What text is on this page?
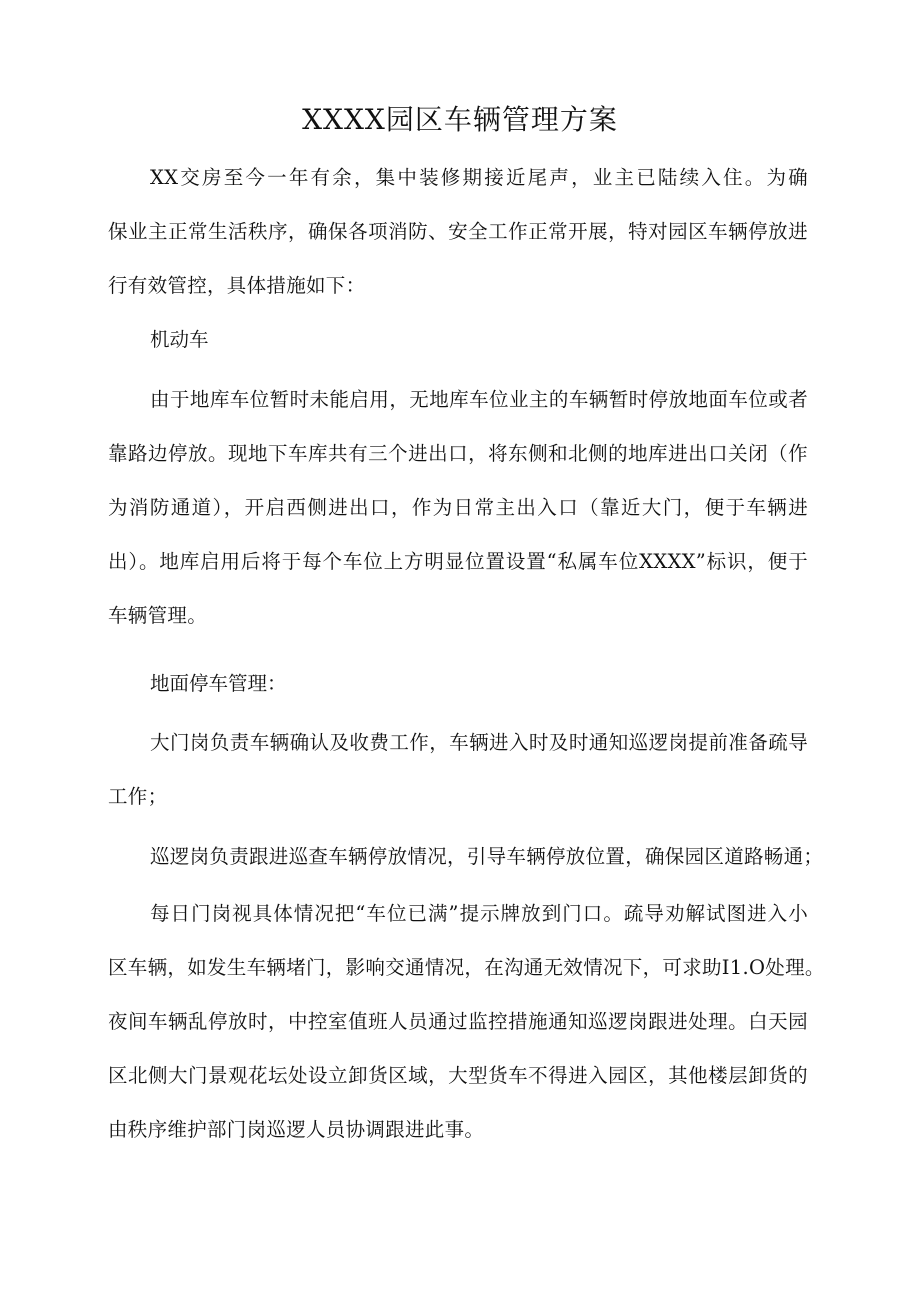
XXXX园区车辆管理方案
XX交房至今一年有余，集中装修期接近尾声，业主已陆续入住。为确
保业主正常生活秩序，确保各项消防、安全工作正常开展，特对园区车辆停放进
行有效管控，具体措施如下：

机动车

由于地库车位暂时未能启用，无地库车位业主的车辆暂时停放地面车位或者
靠路边停放。现地下车库共有三个进出口，将东侧和北侧的地库进出口关闭（作
为消防通道），开启西侧进出口，作为日常主出入口（靠近大门，便于车辆进
出）。地库启用后将于每个车位上方明显位置设置“私属车位XXXX”标识，便于
车辆管理。

地面停车管理：

大门岗负责车辆确认及收费工作，车辆进入时及时通知巡逻岗提前准备疏导
工作；
巡逻岗负责跟进巡查车辆停放情况，引导车辆停放位置，确保园区道路畅通；
每日门岗视具体情况把“车位已满”提示牌放到门口。疏导劝解试图进入小
区车辆，如发生车辆堵门，影响交通情况，在沟通无效情况下，可求助I1.O处理。
夜间车辆乱停放时，中控室值班人员通过监控措施通知巡逻岗跟进处理。白天园
区北侧大门景观花坛处设立卸货区域，大型货车不得进入园区，其他楼层卸货的
由秩序维护部门岗巡逻人员协调跟进此事。
